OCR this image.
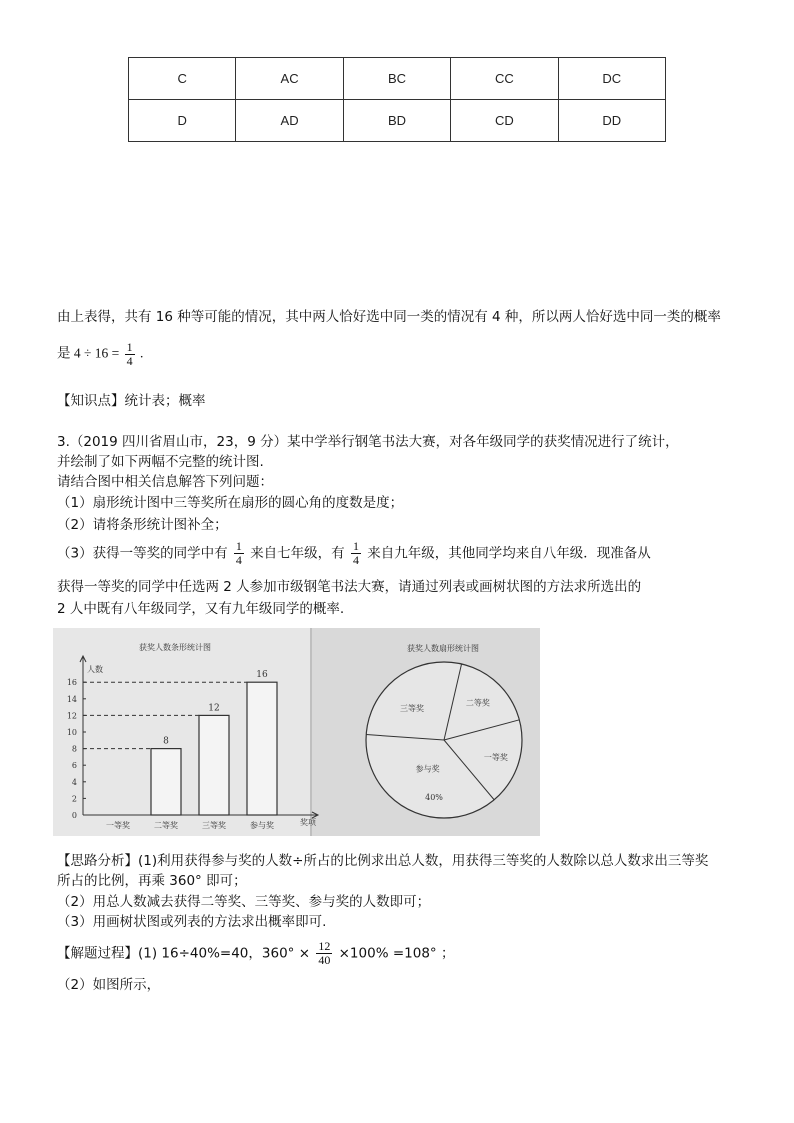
C	AC	BC	CC	DC
D	AD	BD	CD	DD
由上表得，共有 16 种等可能的情况，其中两人恰好选中同一类的情况有 4 种，所以两人恰好选中同一类的概率
是 $4 \div 16 = \frac{1}{4}$ .
【知识点】统计表；概率
3.（2019 四川省眉山市，23，9 分）某中学举行钢笔书法大赛，对各年级同学的获奖情况进行了统计，
并绘制了如下两幅不完整的统计图.
请结合图中相关信息解答下列问题：
（1）扇形统计图中三等奖所在扇形的圆心角的度数是度；
（2）请将条形统计图补全；
（3）获得一等奖的同学中有 $\frac{1}{4}$ 来自七年级，有 $\frac{1}{4}$ 来自九年级，其他同学均来自八年级．现准备从
获得一等奖的同学中任选两 2 人参加市级钢笔书法大赛，请通过列表或画树状图的方法求所选出的
2 人中既有八年级同学，又有九年级同学的概率.
获奖人数条形统计图
人数
奖项
0
2
4
6
8
10
12
14
16
一等奖	二等奖
8
三等奖
12
参与奖
16
获奖人数扇形统计图
三等奖
二等奖
一等奖
参与奖
40%
【思路分析】(1)利用获得参与奖的人数÷所占的比例求出总人数，用获得三等奖的人数除以总人数求出三等奖
所占的比例，再乘 360° 即可；
（2）用总人数减去获得二等奖、三等奖、参与奖的人数即可；
（3）用画树状图或列表的方法求出概率即可.
【解题过程】(1) 16÷40%=40，$360^\circ \times \frac{12}{40} \times 100\% =108^\circ$ ；
（2）如图所示，
